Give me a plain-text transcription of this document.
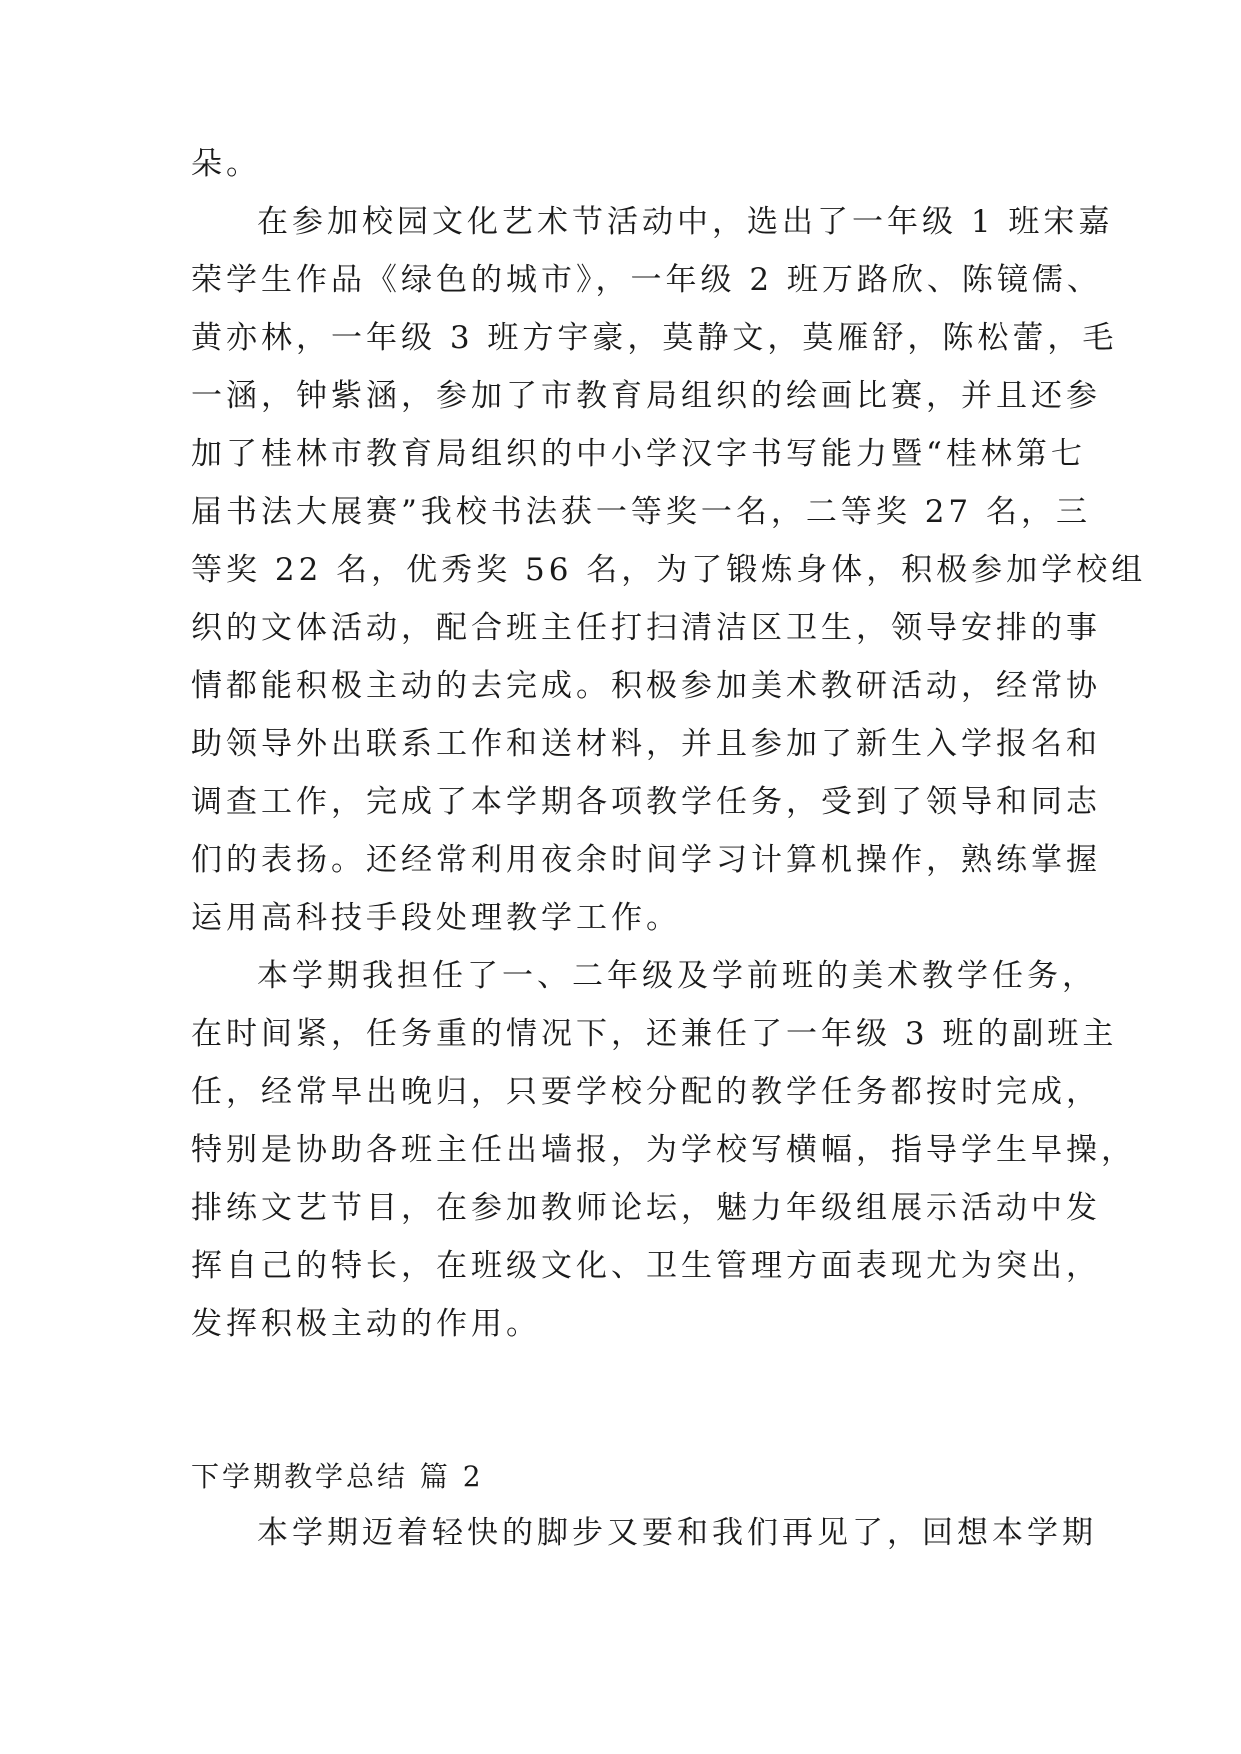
朵。
在参加校园文化艺术节活动中，选出了一年级 1 班宋嘉
荣学生作品《绿色的城市》，一年级 2 班万路欣、陈镜儒、
黄亦林，一年级 3 班方宇豪，莫静文，莫雁舒，陈松蕾，毛
一涵，钟紫涵，参加了市教育局组织的绘画比赛，并且还参
加了桂林市教育局组织的中小学汉字书写能力暨“桂林第七
届书法大展赛”我校书法获一等奖一名，二等奖 27 名，三
等奖 22 名，优秀奖 56 名，为了锻炼身体，积极参加学校组
织的文体活动，配合班主任打扫清洁区卫生，领导安排的事
情都能积极主动的去完成。积极参加美术教研活动，经常协
助领导外出联系工作和送材料，并且参加了新生入学报名和
调查工作，完成了本学期各项教学任务，受到了领导和同志
们的表扬。还经常利用夜余时间学习计算机操作，熟练掌握
运用高科技手段处理教学工作。
本学期我担任了一、二年级及学前班的美术教学任务，
在时间紧，任务重的情况下，还兼任了一年级 3 班的副班主
任，经常早出晚归，只要学校分配的教学任务都按时完成，
特别是协助各班主任出墙报，为学校写横幅，指导学生早操，
排练文艺节目，在参加教师论坛，魅力年级组展示活动中发
挥自己的特长，在班级文化、卫生管理方面表现尤为突出，
发挥积极主动的作用。
下学期教学总结 篇 2
本学期迈着轻快的脚步又要和我们再见了，回想本学期
